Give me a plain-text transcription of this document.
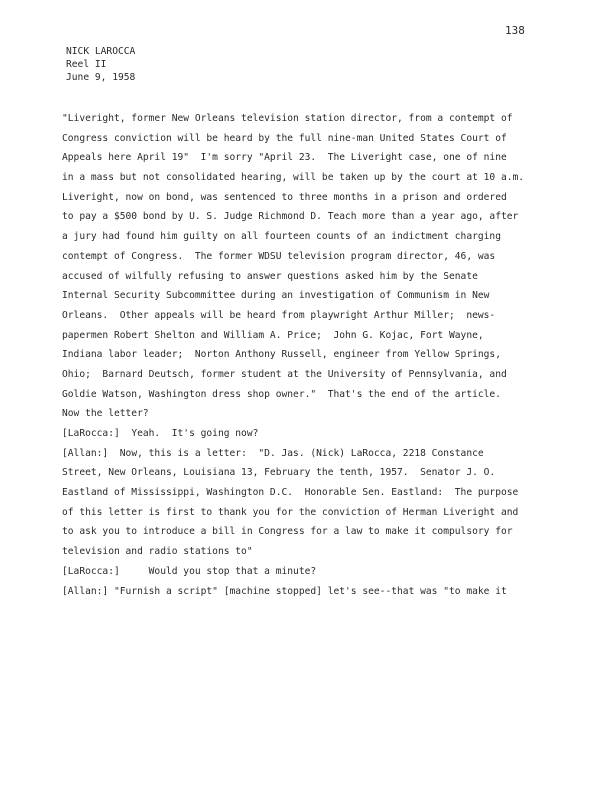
138
NICK LAROCCA
Reel II
June 9, 1958
"Liveright, former New Orleans television station director, from a contempt of
Congress conviction will be heard by the full nine-man United States Court of
Appeals here April 19"  I'm sorry "April 23.  The Liveright case, one of nine
in a mass but not consolidated hearing, will be taken up by the court at 10 a.m.
Liveright, now on bond, was sentenced to three months in a prison and ordered
to pay a $500 bond by U. S. Judge Richmond D. Teach more than a year ago, after
a jury had found him guilty on all fourteen counts of an indictment charging
contempt of Congress.  The former WDSU television program director, 46, was
accused of wilfully refusing to answer questions asked him by the Senate
Internal Security Subcommittee during an investigation of Communism in New
Orleans.  Other appeals will be heard from playwright Arthur Miller;  news-
papermen Robert Shelton and William A. Price;  John G. Kojac, Fort Wayne,
Indiana labor leader;  Norton Anthony Russell, engineer from Yellow Springs,
Ohio;  Barnard Deutsch, former student at the University of Pennsylvania, and
Goldie Watson, Washington dress shop owner."  That's the end of the article.
Now the letter?
[LaRocca:]  Yeah.  It's going now?
[Allan:]  Now, this is a letter:  "D. Jas. (Nick) LaRocca, 2218 Constance
Street, New Orleans, Louisiana 13, February the tenth, 1957.  Senator J. O.
Eastland of Mississippi, Washington D.C.  Honorable Sen. Eastland:  The purpose
of this letter is first to thank you for the conviction of Herman Liveright and
to ask you to introduce a bill in Congress for a law to make it compulsory for
television and radio stations to"
[LaRocca:]     Would you stop that a minute?
[Allan:] "Furnish a script" [machine stopped] let's see--that was "to make it
